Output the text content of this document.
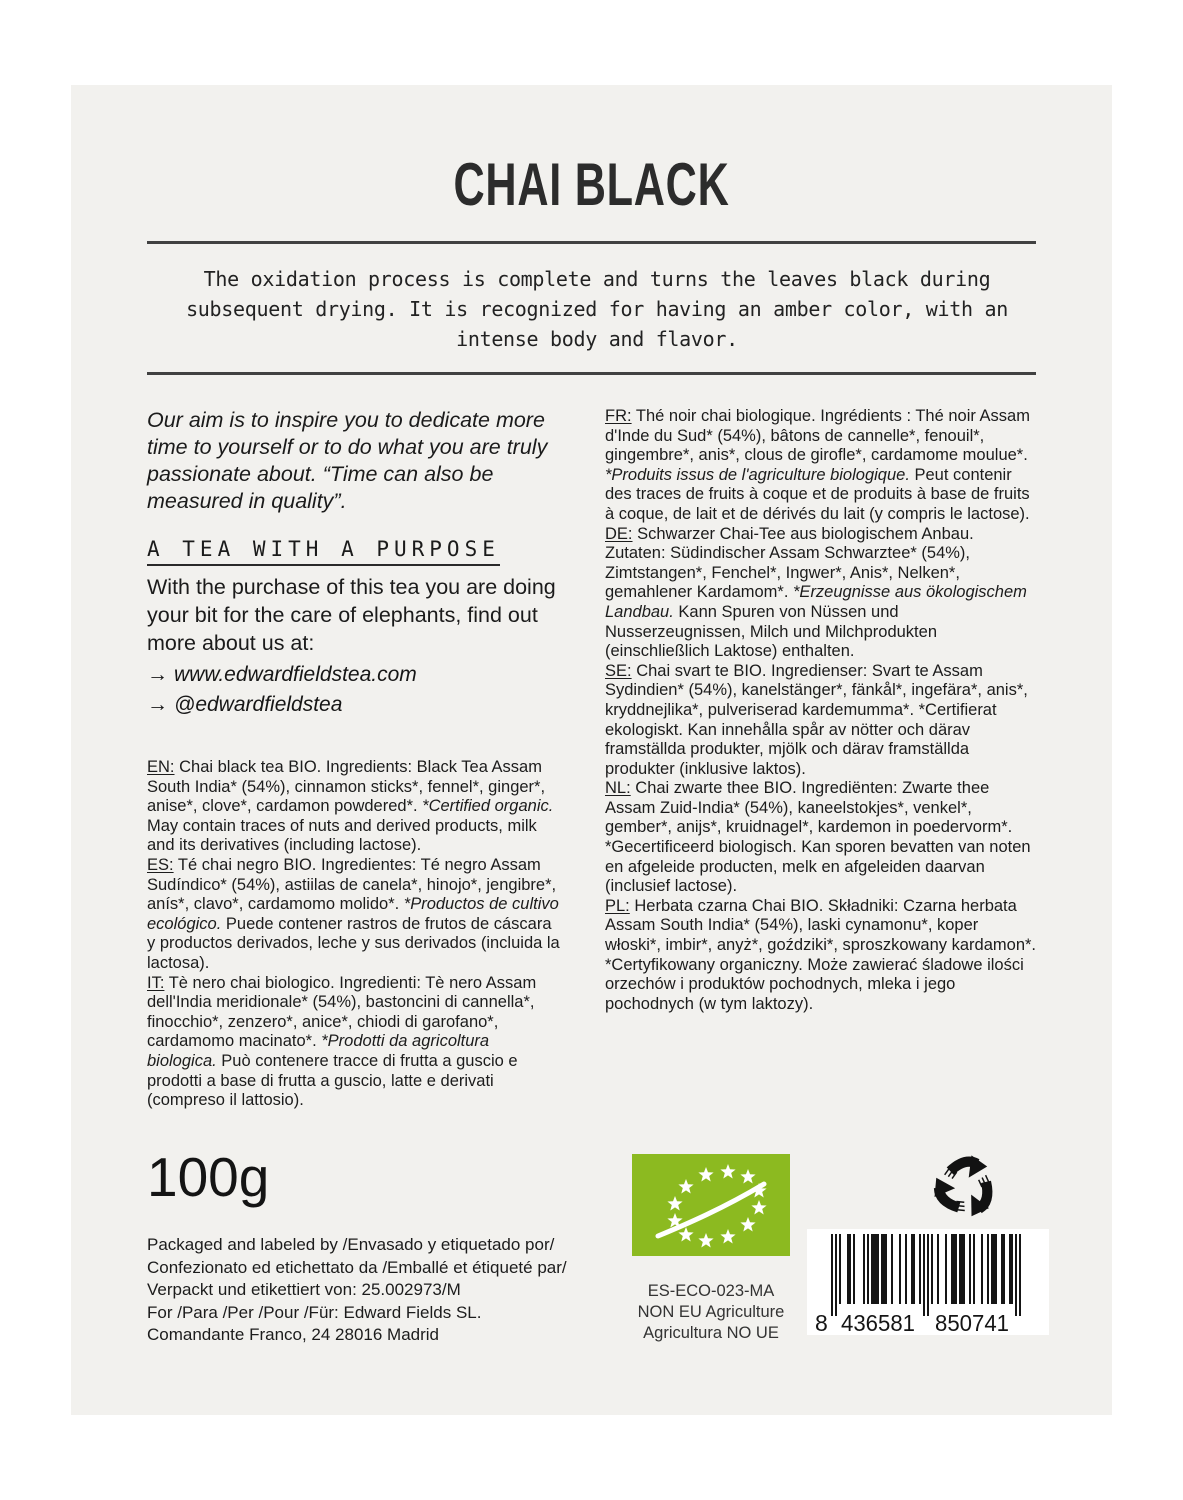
CHAI BLACK

The oxidation process is complete and turns the leaves black during subsequent drying. It is recognized for having an amber color, with an intense body and flavor.

Our aim is to inspire you to dedicate more time to yourself or to do what you are truly passionate about. “Time can also be measured in quality”.

A TEA WITH A PURPOSE

With the purchase of this tea you are doing your bit for the care of elephants, find out more about us at:

→ www.edwardfieldstea.com
→ @edwardfieldstea

EN: Chai black tea BIO. Ingredients: Black Tea Assam South India* (54%), cinnamon sticks*, fennel*, ginger*, anise*, clove*, cardamon powdered*. *Certified organic. May contain traces of nuts and derived products, milk and its derivatives (including lactose).

ES: Té chai negro BIO. Ingredientes: Té negro Assam Sudíndico* (54%), astiilas de canela*, hinojo*, jengibre*, anís*, clavo*, cardamomo molido*. *Productos de cultivo ecológico. Puede contener rastros de frutos de cáscara y productos derivados, leche y sus derivados (incluida la lactosa).

IT: Tè nero chai biologico. Ingredienti: Tè nero Assam dell'India meridionale* (54%), bastoncini di cannella*, finocchio*, zenzero*, anice*, chiodi di garofano*, cardamomo macinato*. *Prodotti da agricoltura biologica. Può contenere tracce di frutta a guscio e prodotti a base di frutta a guscio, latte e derivati (compreso il lattosio).

FR: Thé noir chai biologique. Ingrédients : Thé noir Assam d'Inde du Sud* (54%), bâtons de cannelle*, fenouil*, gingembre*, anis*, clous de girofle*, cardamome moulue*. *Produits issus de l'agriculture biologique. Peut contenir des traces de fruits à coque et de produits à base de fruits à coque, de lait et de dérivés du lait (y compris le lactose).

DE: Schwarzer Chai-Tee aus biologischem Anbau. Zutaten: Südindischer Assam Schwarztee* (54%), Zimtstangen*, Fenchel*, Ingwer*, Anis*, Nelken*, gemahlener Kardamom*. *Erzeugnisse aus ökologischem Landbau. Kann Spuren von Nüssen und Nusserzeugnissen, Milch und Milchprodukten (einschließlich Laktose) enthalten.

SE: Chai svart te BIO. Ingredienser: Svart te Assam Sydindien* (54%), kanelstänger*, fänkål*, ingefära*, anis*, kryddnejlika*, pulveriserad kardemumma*. *Certifierat ekologiskt. Kan innehålla spår av nötter och därav framställda produkter, mjölk och därav framställda produkter (inklusive laktos).

NL: Chai zwarte thee BIO. Ingrediënten: Zwarte thee Assam Zuid-India* (54%), kaneelstokjes*, venkel*, gember*, anijs*, kruidnagel*, kardemon in poedervorm*. *Gecertificeerd biologisch. Kan sporen bevatten van noten en afgeleide producten, melk en afgeleiden daarvan (inclusief lactose).

PL: Herbata czarna Chai BIO. Składniki: Czarna herbata Assam South India* (54%), laski cynamonu*, koper włoski*, imbir*, anyż*, goździki*, sproszkowany kardamon*. *Certyfikowany organiczny. Może zawierać śladowe ilości orzechów i produktów pochodnych, mleka i jego pochodnych (w tym laktozy).

100g
Packaged and labeled by /Envasado y etiquetado por/
Confezionato ed etichettato da /Emballé et étiqueté par/
Verpackt und etikettiert von: 25.002973/M
For /Para /Per /Pour /Für: Edward Fields SL.
Comandante Franco, 24 28016 Madrid
ES-ECO-023-MA
NON EU Agriculture
Agricultura NO UE	8 436581 850741
